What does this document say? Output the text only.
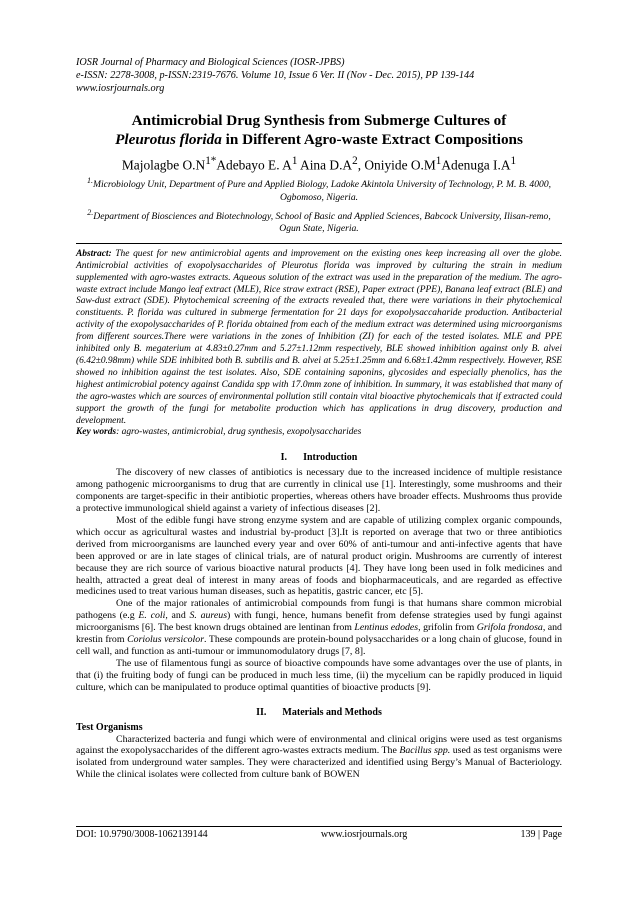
IOSR Journal of Pharmacy and Biological Sciences (IOSR-JPBS)
e-ISSN: 2278-3008, p-ISSN:2319-7676. Volume 10, Issue 6 Ver. II (Nov - Dec. 2015), PP 139-144
www.iosrjournals.org
Antimicrobial Drug Synthesis from Submerge Cultures of
Pleurotus florida in Different Agro-waste Extract Compositions
Majolagbe $O.N^{1*}Adebayo$ E. $A^1$ Aina $D.A^2$, Oniyide $O.M^1Adenuga$ $I.A^1$
$^{1.}$Microbiology Unit, Department of Pure and Applied Biology, Ladoke Akintola University of Technology, P. M. B. 4000, Ogbomoso, Nigeria.
$^{2.}$Department of Biosciences and Biotechnology, School of Basic and Applied Sciences, Babcock University, Ilisan-remo, Ogun State, Nigeria.
Abstract: The quest for new antimicrobial agents and improvement on the existing ones keep increasing all over the globe. Antimicrobial activities of exopolysaccharides of Pleurotus florida was improved by culturing the strain in medium supplemented with agro-wastes extracts. Aqueous solution of the extract was used in the preparation of the medium. The agro-waste extract include Mango leaf extract (MLE), Rice straw extract (RSE), Paper extract (PPE), Banana leaf extract (BLE) and Saw-dust extract (SDE). Phytochemical screening of the extracts revealed that, there were variations in their phytochemical constituents. P. florida was cultured in submerge fermentation for 21 days for exopolysaccaharide production. Antibacterial activity of the exopolysaccharides of P. florida obtained from each of the medium extract was determined using microorganisms from different sources.There were variations in the zones of Inhibition (ZI) for each of the tested isolates. MLE and PPE inhibited only B. megaterium at 4.83±0.27mm and 5.27±1.12mm respectively, BLE showed inhibition against only B. alvei (6.42±0.98mm) while SDE inhibited both B. subtilis and B. alvei at 5.25±1.25mm and 6.68±1.42mm respectively. However, RSE showed no inhibition against the test isolates. Also, SDE containing saponins, glycosides and especially phenolics, has the highest antimicrobial potency against Candida spp with 17.0mm zone of inhibition. In summary, it was established that many of the agro-wastes which are sources of environmental pollution still contain vital bioactive phytochemicals that if extracted could support the growth of the fungi for metabolite production which has applications in drug discovery, production and development.
Key words: agro-wastes, antimicrobial, drug synthesis, exopolysaccharides
I. Introduction

The discovery of new classes of antibiotics is necessary due to the increased incidence of multiple resistance among pathogenic microorganisms to drug that are currently in clinical use [1]. Interestingly, some mushrooms and their components are target-specific in their antibiotic properties, whereas others have broader effects. Mushrooms thus provide a protective immunological shield against a variety of infectious diseases [2].

Most of the edible fungi have strong enzyme system and are capable of utilizing complex organic compounds, which occur as agricultural wastes and industrial by-product [3].It is reported on average that two or three antibiotics derived from microorganisms are launched every year and over 60% of anti-tumour and anti-infective agents that have been approved or are in late stages of clinical trials, are of natural product origin. Mushrooms are currently of interest because they are rich source of various bioactive natural products [4]. They have long been used in folk medicines and health, attracted a great deal of interest in many areas of foods and biopharmaceuticals, and are regarded as effective medicines used to treat various human diseases, such as hepatitis, gastric cancer, etc [5].

One of the major rationales of antimicrobial compounds from fungi is that humans share common microbial pathogens (e.g E. coli, and S. aureus) with fungi, hence, humans benefit from defense strategies used by fungi against microorganisms [6]. The best known drugs obtained are lentinan from Lentinus edodes, grifolin from Grifola frondosa, and krestin from Coriolus versicolor. These compounds are protein-bound polysaccharides or a long chain of glucose, found in cell wall, and function as anti-tumour or immunomodulatory drugs [7, 8].

The use of filamentous fungi as source of bioactive compounds have some advantages over the use of plants, in that (i) the fruiting body of fungi can be produced in much less time, (ii) the mycelium can be rapidly produced in liquid culture, which can be manipulated to produce optimal quantities of bioactive products [9].

II. Materials and Methods
Test Organisms

Characterized bacteria and fungi which were of environmental and clinical origins were used as test organisms against the exopolysaccharides of the different agro-wastes extracts medium. The Bacillus spp. used as test organisms were isolated from underground water samples. They were characterized and identified using Bergy’s Manual of Bacteriology. While the clinical isolates were collected from culture bank of BOWEN

DOI: 10.9790/3008-1062139144	www.iosrjournals.org	139 | Page
